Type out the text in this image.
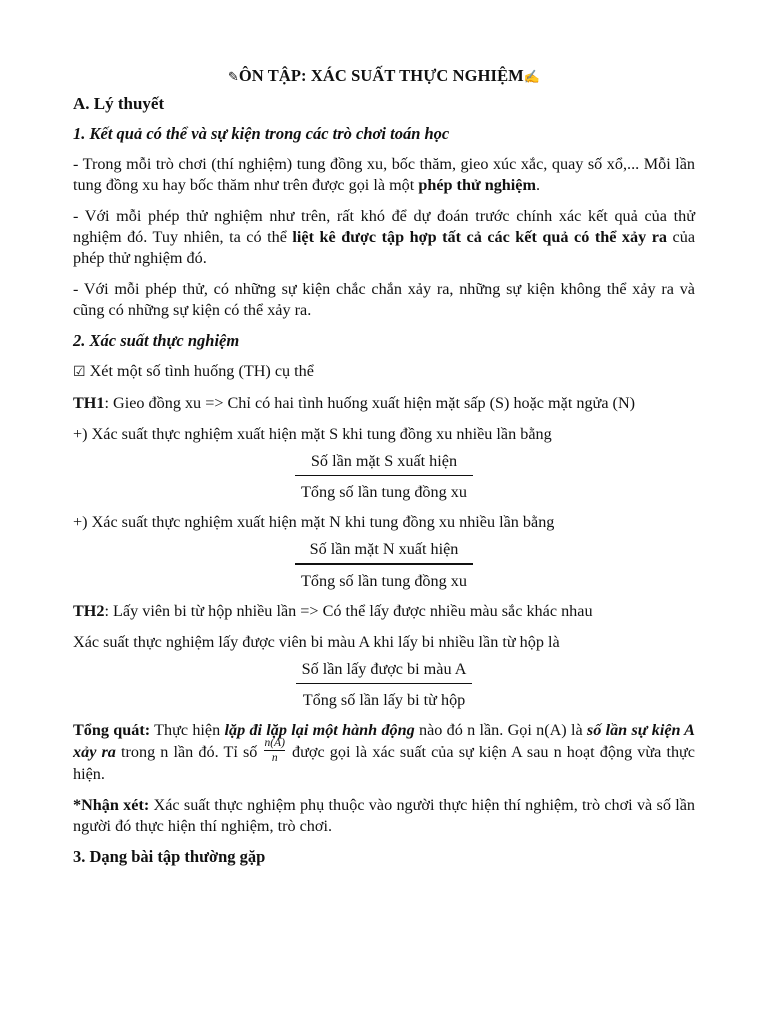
✎ÔN TẬP: XÁC SUẤT THỰC NGHIỆM✍
A. Lý thuyết
1. Kết quả có thể và sự kiện trong các trò chơi toán học
- Trong mỗi trò chơi (thí nghiệm) tung đồng xu, bốc thăm, gieo xúc xắc, quay số xổ,... Mỗi lần tung đồng xu hay bốc thăm như trên được gọi là một phép thử nghiệm.
- Với mỗi phép thử nghiệm như trên, rất khó để dự đoán trước chính xác kết quả của thử nghiệm đó. Tuy nhiên, ta có thể liệt kê được tập hợp tất cả các kết quả có thể xảy ra của phép thử nghiệm đó.
- Với mỗi phép thử, có những sự kiện chắc chắn xảy ra, những sự kiện không thể xảy ra và cũng có những sự kiện có thể xảy ra.
2. Xác suất thực nghiệm
☑ Xét một số tình huống (TH) cụ thể
TH1: Gieo đồng xu => Chỉ có hai tình huống xuất hiện mặt sấp (S) hoặc mặt ngửa (N)
+) Xác suất thực nghiệm xuất hiện mặt S khi tung đồng xu nhiều lần bằng
$\frac{\text{Số lần mặt S xuất hiện}}{\text{Tổng số lần tung đồng xu}}$
+) Xác suất thực nghiệm xuất hiện mặt N khi tung đồng xu nhiều lần bằng
$\frac{\text{Số lần mặt N xuất hiện}}{\text{Tổng số lần tung đồng xu}}$
TH2: Lấy viên bi từ hộp nhiều lần => Có thể lấy được nhiều màu sắc khác nhau
Xác suất thực nghiệm lấy được viên bi màu A khi lấy bi nhiều lần từ hộp là
$\frac{\text{Số lần lấy được bi màu A}}{\text{Tổng số lần lấy bi từ hộp}}$
Tổng quát: Thực hiện lặp đi lặp lại một hành động nào đó n lần. Gọi n(A) là số lần sự kiện A xảy ra trong n lần đó. Tỉ số $\frac{n(A)}{n}$ được gọi là xác suất của sự kiện A sau n hoạt động vừa thực hiện.
*Nhận xét: Xác suất thực nghiệm phụ thuộc vào người thực hiện thí nghiệm, trò chơi và số lần người đó thực hiện thí nghiệm, trò chơi.
3. Dạng bài tập thường gặp
